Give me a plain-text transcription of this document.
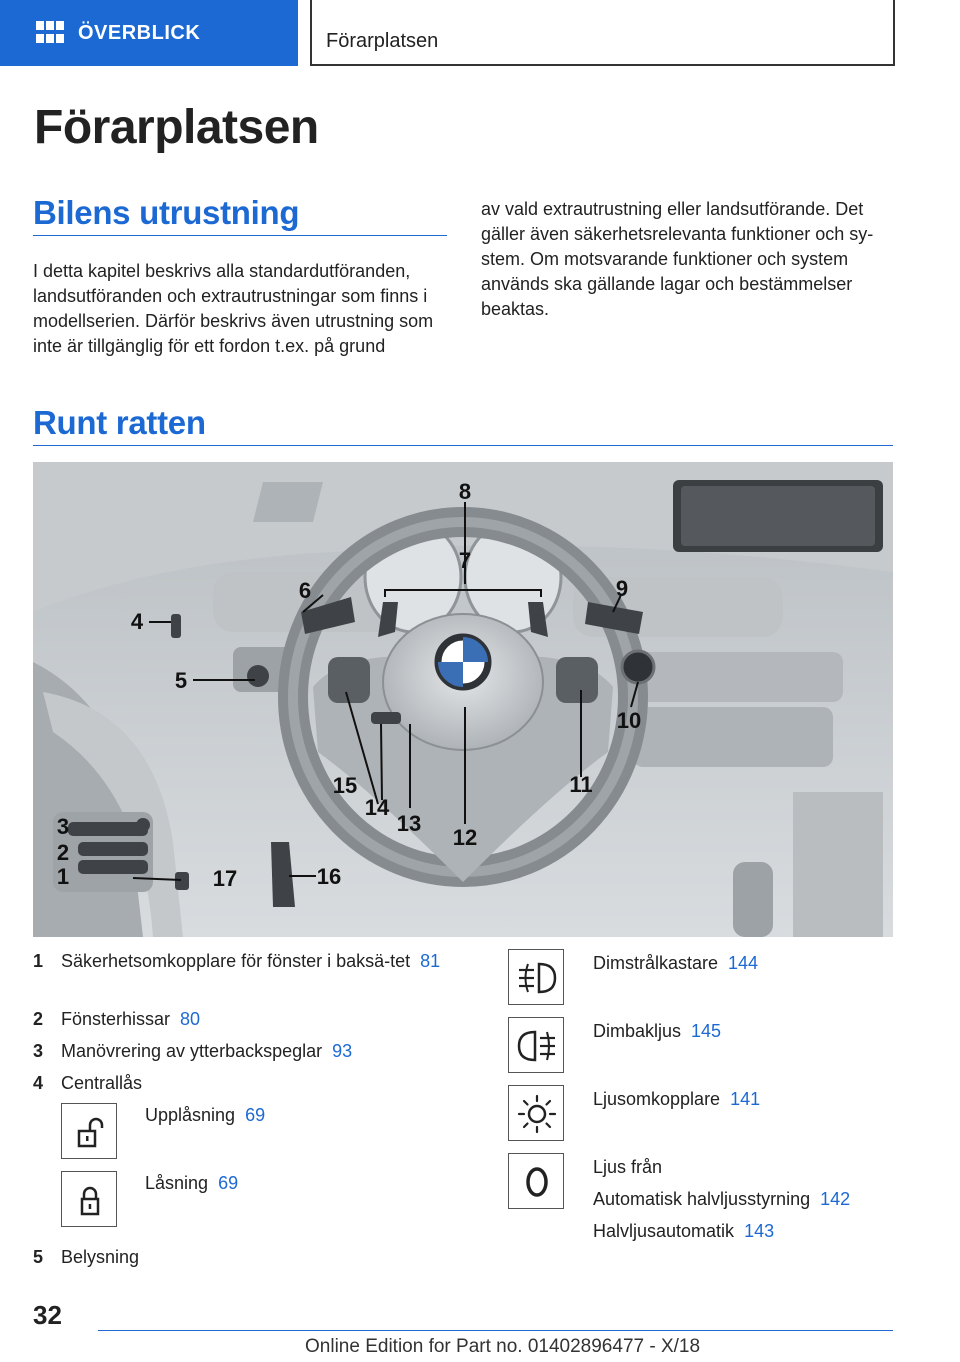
ÖVERBLICK	Förarplatsen
Förarplatsen
Bilens utrustning
I detta kapitel beskrivs alla standardutföranden, landsutföranden och extrautrustningar som finns i modellserien. Därför beskrivs även utrustning som inte är tillgänglig för ett fordon t.ex. på grund
av vald extrautrustning eller landsutförande. Det gäller även säkerhetsrelevanta funktioner och sy-stem. Om motsvarande funktioner och system används ska gällande lagar och bestämmelser beaktas.
Runt ratten
8
7
6	9
4
5
10
11
12
13
14
15
3
2
1	17	16
1 Säkerhetsomkopplare för fönster i baksä-tet 81
2 Fönsterhissar 80
3 Manövrering av ytterbackspeglar 93
4 Centrallås
Upplåsning 69
Låsning 69
5 Belysning
Dimstrålkastare 144
Dimbakljus 145
Ljusomkopplare 141
Ljus från
Automatisk halvljusstyrning 142
Halvljusautomatik 143
32
Online Edition for Part no. 01402896477 - X/18
